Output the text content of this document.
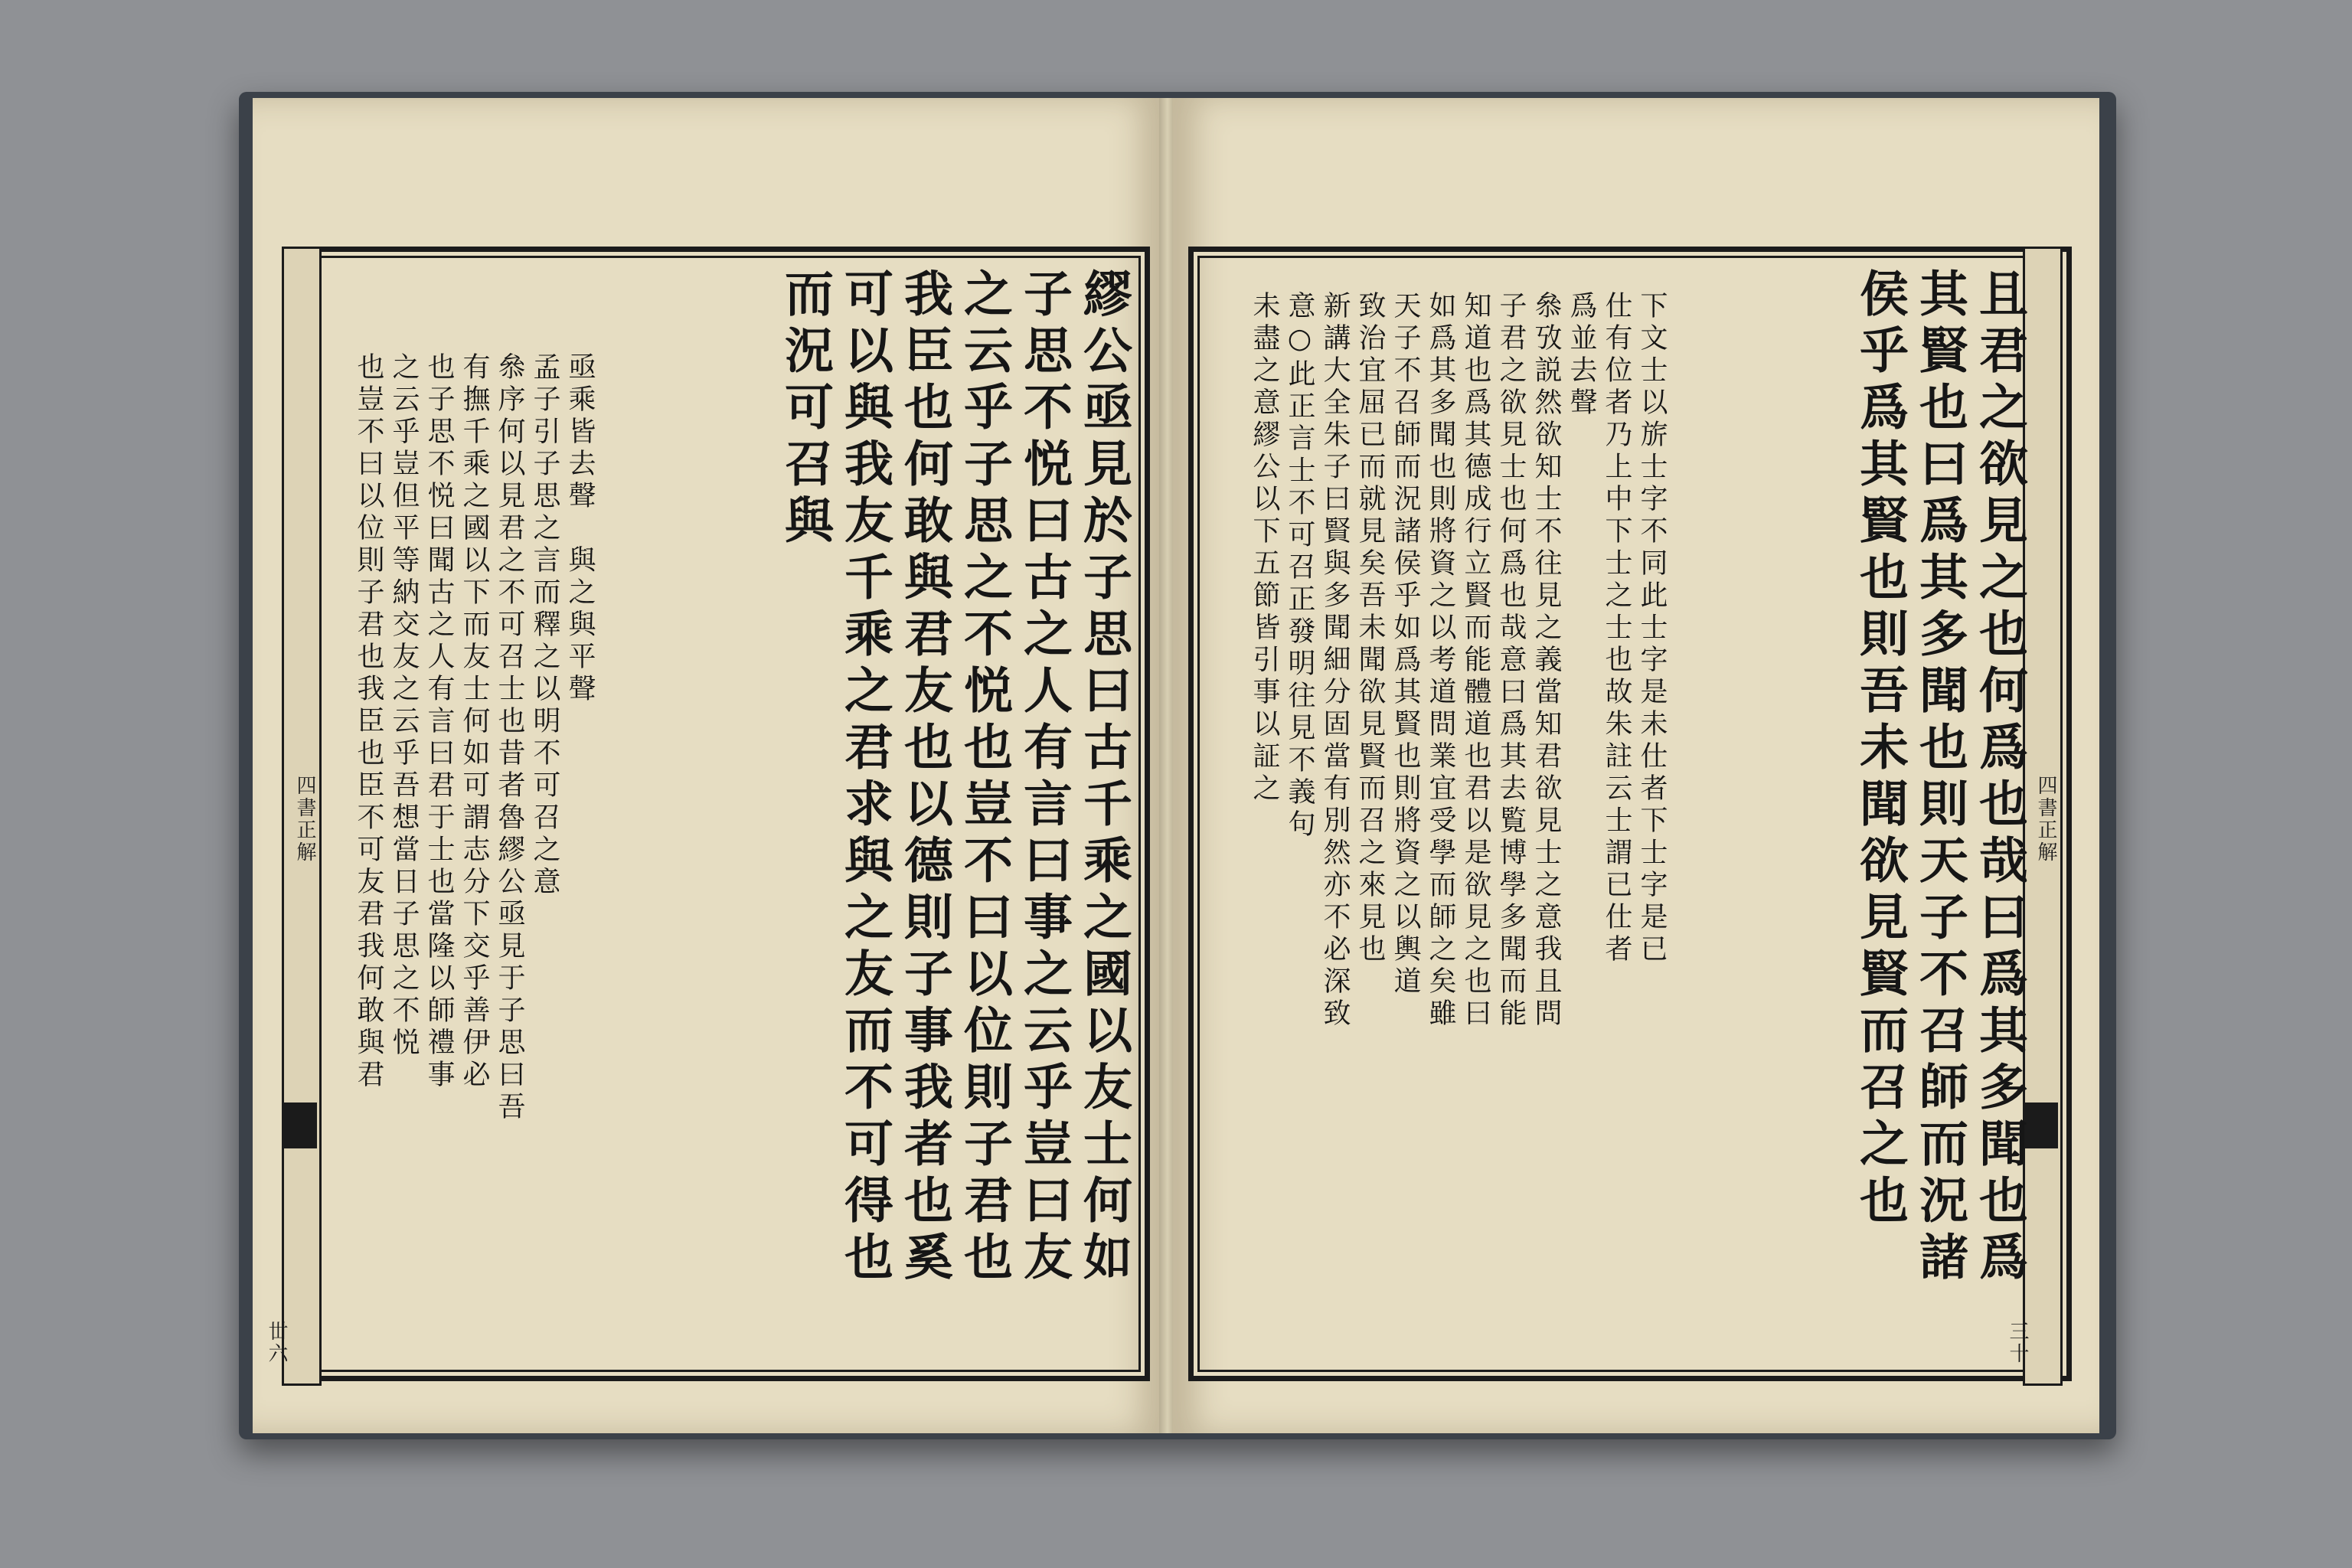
四書正解
丗六
四書正解
三十
繆公亟見於子思曰古千乘之國以友士何如
子思不悦曰古之人有言曰事之云乎豈曰友
之云乎子思之不悦也豈不曰以位則子君也
我臣也何敢與君友也以德則子事我者也奚
可以與我友千乘之君求與之友而不可得也
而況可召與
亟乘皆去聲　與之與平聲
孟子引子思之言而釋之以明不可召之意
叅序何以見君之不可召士也昔者魯繆公亟見于子思曰吾
有撫千乘之國以下而友士何如可謂志分下交乎善伊必
也子思不悦曰聞古之人有言曰君于士也當隆以師禮事
之云乎豈但平等納交友之云乎吾想當日子思之不悦
也豈不曰以位則子君也我臣也臣不可友君我何敢與君	且君之欲見之也何爲也哉曰爲其多聞也爲
其賢也曰爲其多聞也則天子不召師而況諸
侯乎爲其賢也則吾未聞欲見賢而召之也
下文士以旂士字不同此士字是未仕者下士字是已
仕有位者乃上中下士之士也故朱註云士謂已仕者
爲並去聲
叅攷説然欲知士不往見之義當知君欲見士之意我且問
子君之欲見士也何爲也哉意曰爲其去覧博學多聞而能
知道也爲其德成行立賢而能體道也君以是欲見之也曰
如爲其多聞也則將資之以考道問業宜受學而師之矣雖
天子不召師而況諸侯乎如爲其賢也則將資之以輿道
致治宜屈已而就見矣吾未聞欲見賢而召之來見也
新講大全朱子曰賢與多聞細分固當有別然亦不必深致
意○此正言士不可召正發明往見不義句
未盡之意繆公以下五節皆引事以証之
